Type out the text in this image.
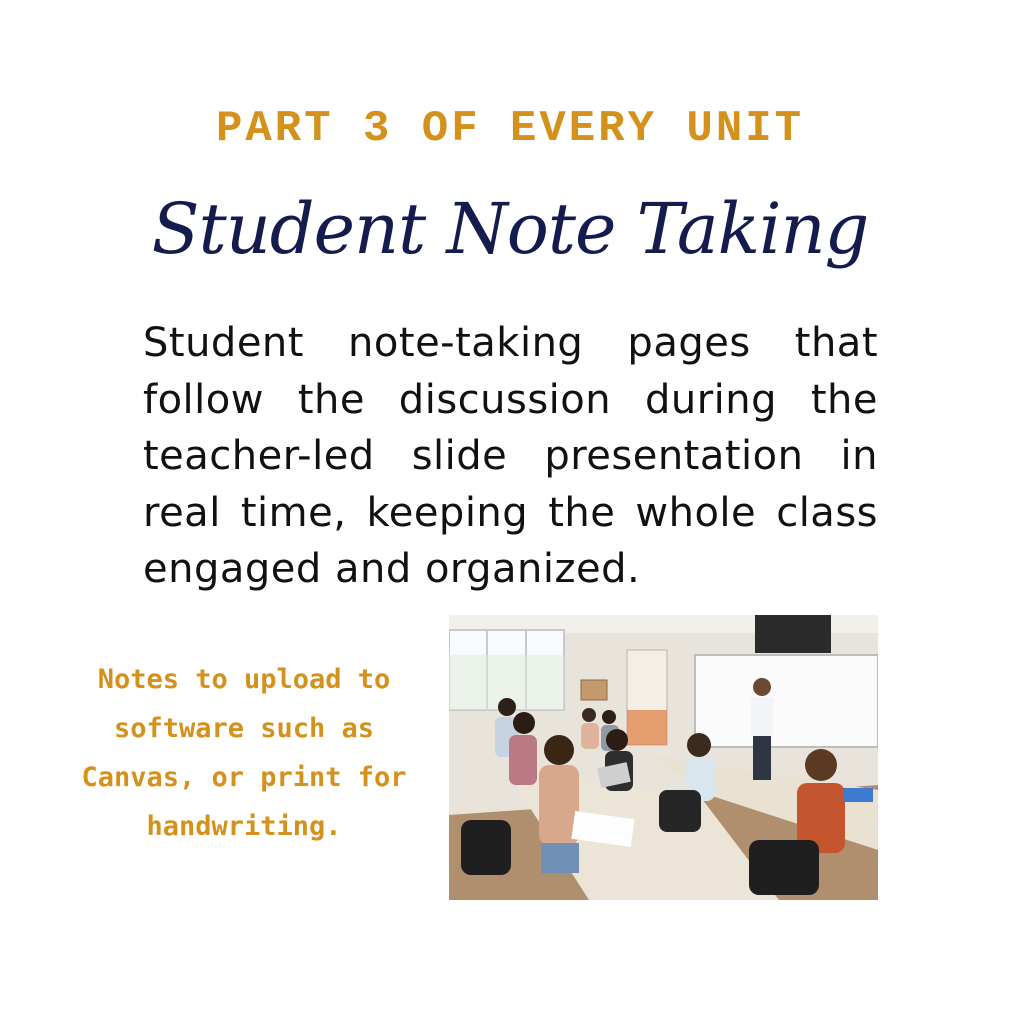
PART 3 OF EVERY UNIT
Student Note Taking
Student note-taking pages that follow the discussion during the teacher-led slide presentation in real time, keeping the whole class engaged and organized.
Notes to upload to software such as Canvas, or print for handwriting.
